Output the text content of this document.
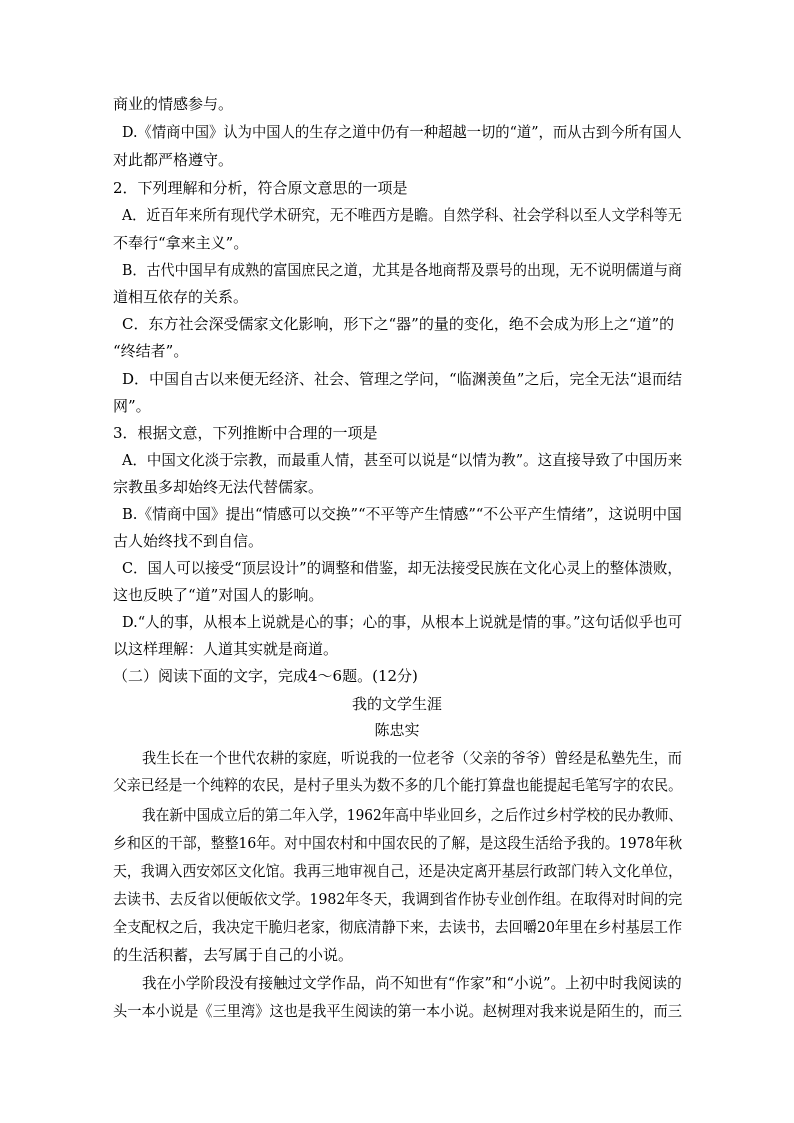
商业的情感参与。
D.《情商中国》认为中国人的生存之道中仍有一种超越一切的“道”，而从古到今所有国人
对此都严格遵守。
2．下列理解和分析，符合原文意思的一项是
A．近百年来所有现代学术研究，无不唯西方是瞻。自然学科、社会学科以至人文学科等无
不奉行“拿来主义”。
B．古代中国早有成熟的富国庶民之道，尤其是各地商帮及票号的出现，无不说明儒道与商
道相互依存的关系。
C．东方社会深受儒家文化影响，形下之“器”的量的变化，绝不会成为形上之“道”的
“终结者”。
D．中国自古以来便无经济、社会、管理之学问，“临渊羡鱼”之后，完全无法“退而结
网”。
3．根据文意，下列推断中合理的一项是
A．中国文化淡于宗教，而最重人情，甚至可以说是“以情为教”。这直接导致了中国历来
宗教虽多却始终无法代替儒家。
B.《情商中国》提出“情感可以交换”“不平等产生情感”“不公平产生情绪”，这说明中国
古人始终找不到自信。
C．国人可以接受“顶层设计”的调整和借鉴，却无法接受民族在文化心灵上的整体溃败，
这也反映了“道”对国人的影响。
D.“人的事，从根本上说就是心的事；心的事，从根本上说就是情的事。”这句话似乎也可
以这样理解：人道其实就是商道。
（二）阅读下面的文字，完成4～6题。(12分)
我的文学生涯
陈忠实
我生长在一个世代农耕的家庭，听说我的一位老爷（父亲的爷爷）曾经是私塾先生，而
父亲已经是一个纯粹的农民，是村子里头为数不多的几个能打算盘也能提起毛笔写字的农民。
我在新中国成立后的第二年入学，1962年高中毕业回乡，之后作过乡村学校的民办教师、
乡和区的干部，整整16年。对中国农村和中国农民的了解，是这段生活给予我的。1978年秋
天，我调入西安郊区文化馆。我再三地审视自己，还是决定离开基层行政部门转入文化单位，
去读书、去反省以便皈依文学。1982年冬天，我调到省作协专业创作组。在取得对时间的完
全支配权之后，我决定干脆归老家，彻底清静下来，去读书，去回嚼20年里在乡村基层工作
的生活积蓄，去写属于自己的小说。
我在小学阶段没有接触过文学作品，尚不知世有“作家”和“小说”。上初中时我阅读的
头一本小说是《三里湾》这也是我平生阅读的第一本小说。赵树理对我来说是陌生的，而三
